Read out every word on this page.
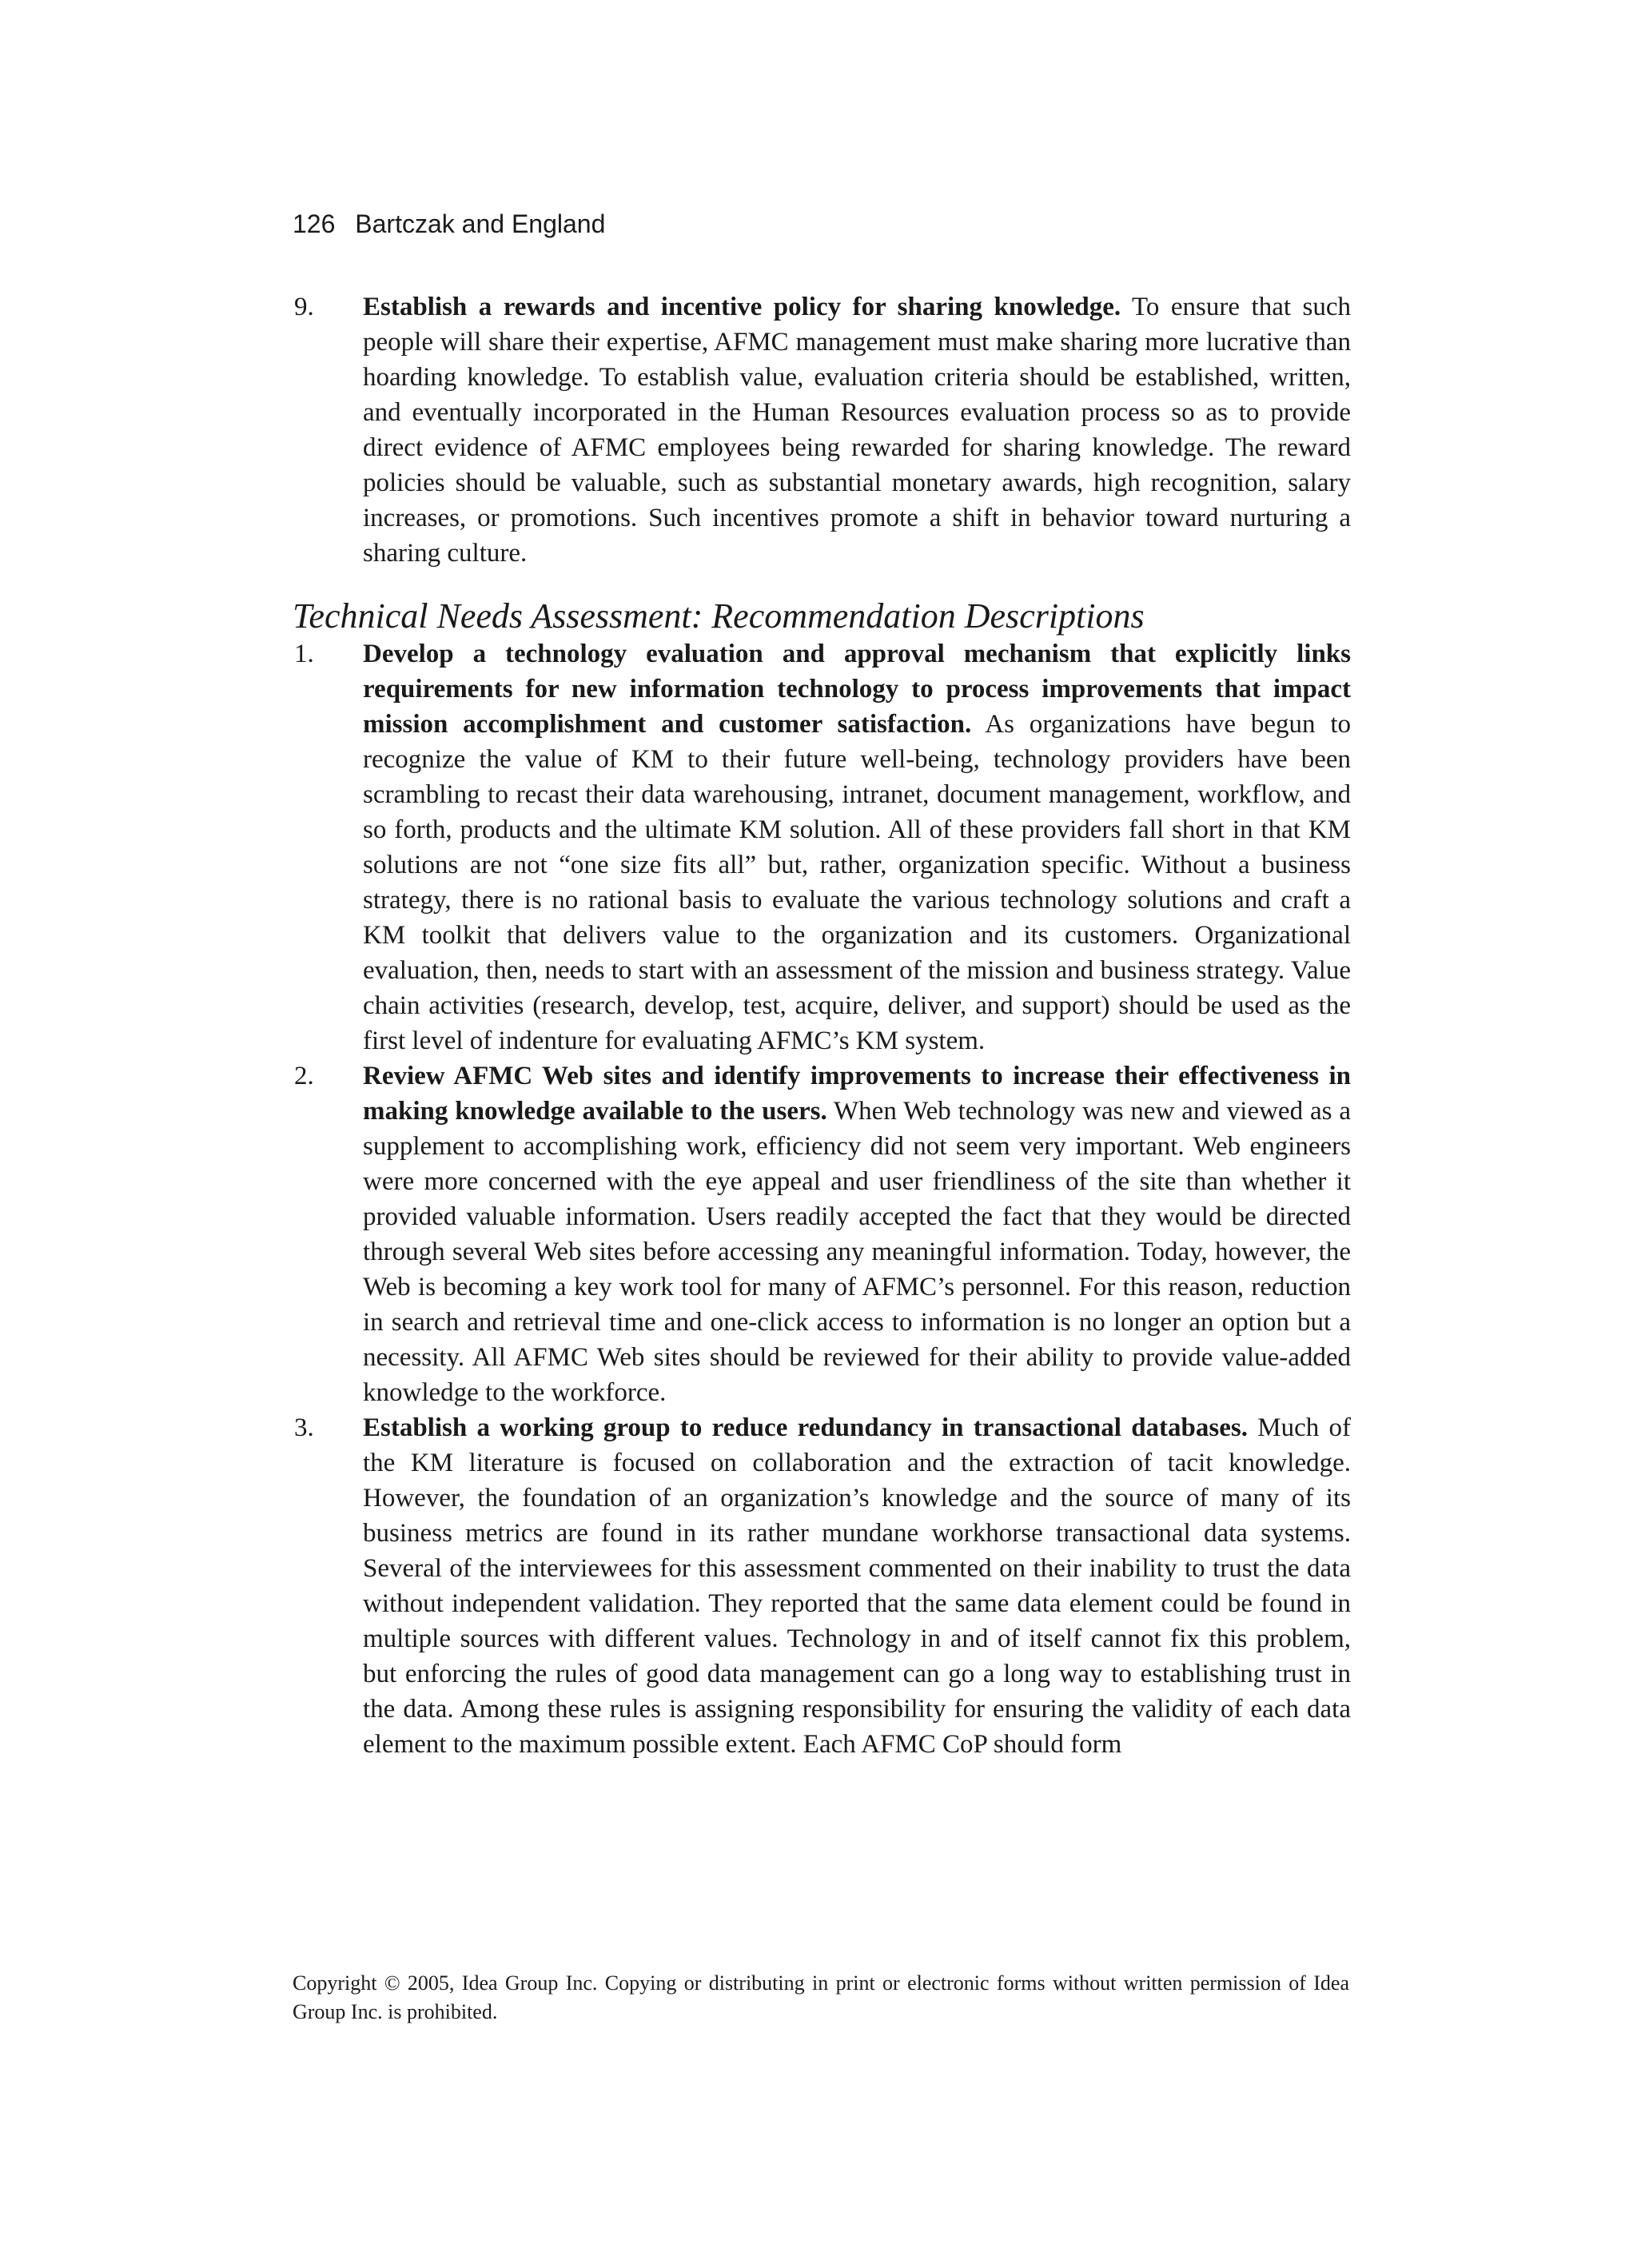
126 Bartczak and England
9. Establish a rewards and incentive policy for sharing knowledge. To ensure that such people will share their expertise, AFMC management must make sharing more lucrative than hoarding knowledge. To establish value, evaluation criteria should be established, written, and eventually incorporated in the Human Resources evaluation process so as to provide direct evidence of AFMC employees being rewarded for sharing knowledge. The reward policies should be valuable, such as substantial monetary awards, high recognition, salary increases, or promotions. Such incentives promote a shift in behavior toward nurturing a sharing culture.
Technical Needs Assessment: Recommendation Descriptions
1. Develop a technology evaluation and approval mechanism that explicitly links requirements for new information technology to process improvements that impact mission accomplishment and customer satisfaction. As organizations have begun to recognize the value of KM to their future well-being, technology providers have been scrambling to recast their data warehousing, intranet, document management, workflow, and so forth, products and the ultimate KM solution. All of these providers fall short in that KM solutions are not “one size fits all” but, rather, organization specific. Without a business strategy, there is no rational basis to evaluate the various technology solutions and craft a KM toolkit that delivers value to the organization and its customers. Organizational evaluation, then, needs to start with an assessment of the mission and business strategy. Value chain activities (research, develop, test, acquire, deliver, and support) should be used as the first level of indenture for evaluating AFMC’s KM system.
2. Review AFMC Web sites and identify improvements to increase their effectiveness in making knowledge available to the users. When Web technology was new and viewed as a supplement to accomplishing work, efficiency did not seem very important. Web engineers were more concerned with the eye appeal and user friendliness of the site than whether it provided valuable information. Users readily accepted the fact that they would be directed through several Web sites before accessing any meaningful information. Today, however, the Web is becoming a key work tool for many of AFMC’s personnel. For this reason, reduction in search and retrieval time and one-click access to information is no longer an option but a necessity. All AFMC Web sites should be reviewed for their ability to provide value-added knowledge to the workforce.
3. Establish a working group to reduce redundancy in transactional databases. Much of the KM literature is focused on collaboration and the extraction of tacit knowledge. However, the foundation of an organization’s knowledge and the source of many of its business metrics are found in its rather mundane workhorse transactional data systems. Several of the interviewees for this assessment commented on their inability to trust the data without independent validation. They reported that the same data element could be found in multiple sources with different values. Technology in and of itself cannot fix this problem, but enforcing the rules of good data management can go a long way to establishing trust in the data. Among these rules is assigning responsibility for ensuring the validity of each data element to the maximum possible extent. Each AFMC CoP should form
Copyright © 2005, Idea Group Inc. Copying or distributing in print or electronic forms without written permission of Idea Group Inc. is prohibited.
